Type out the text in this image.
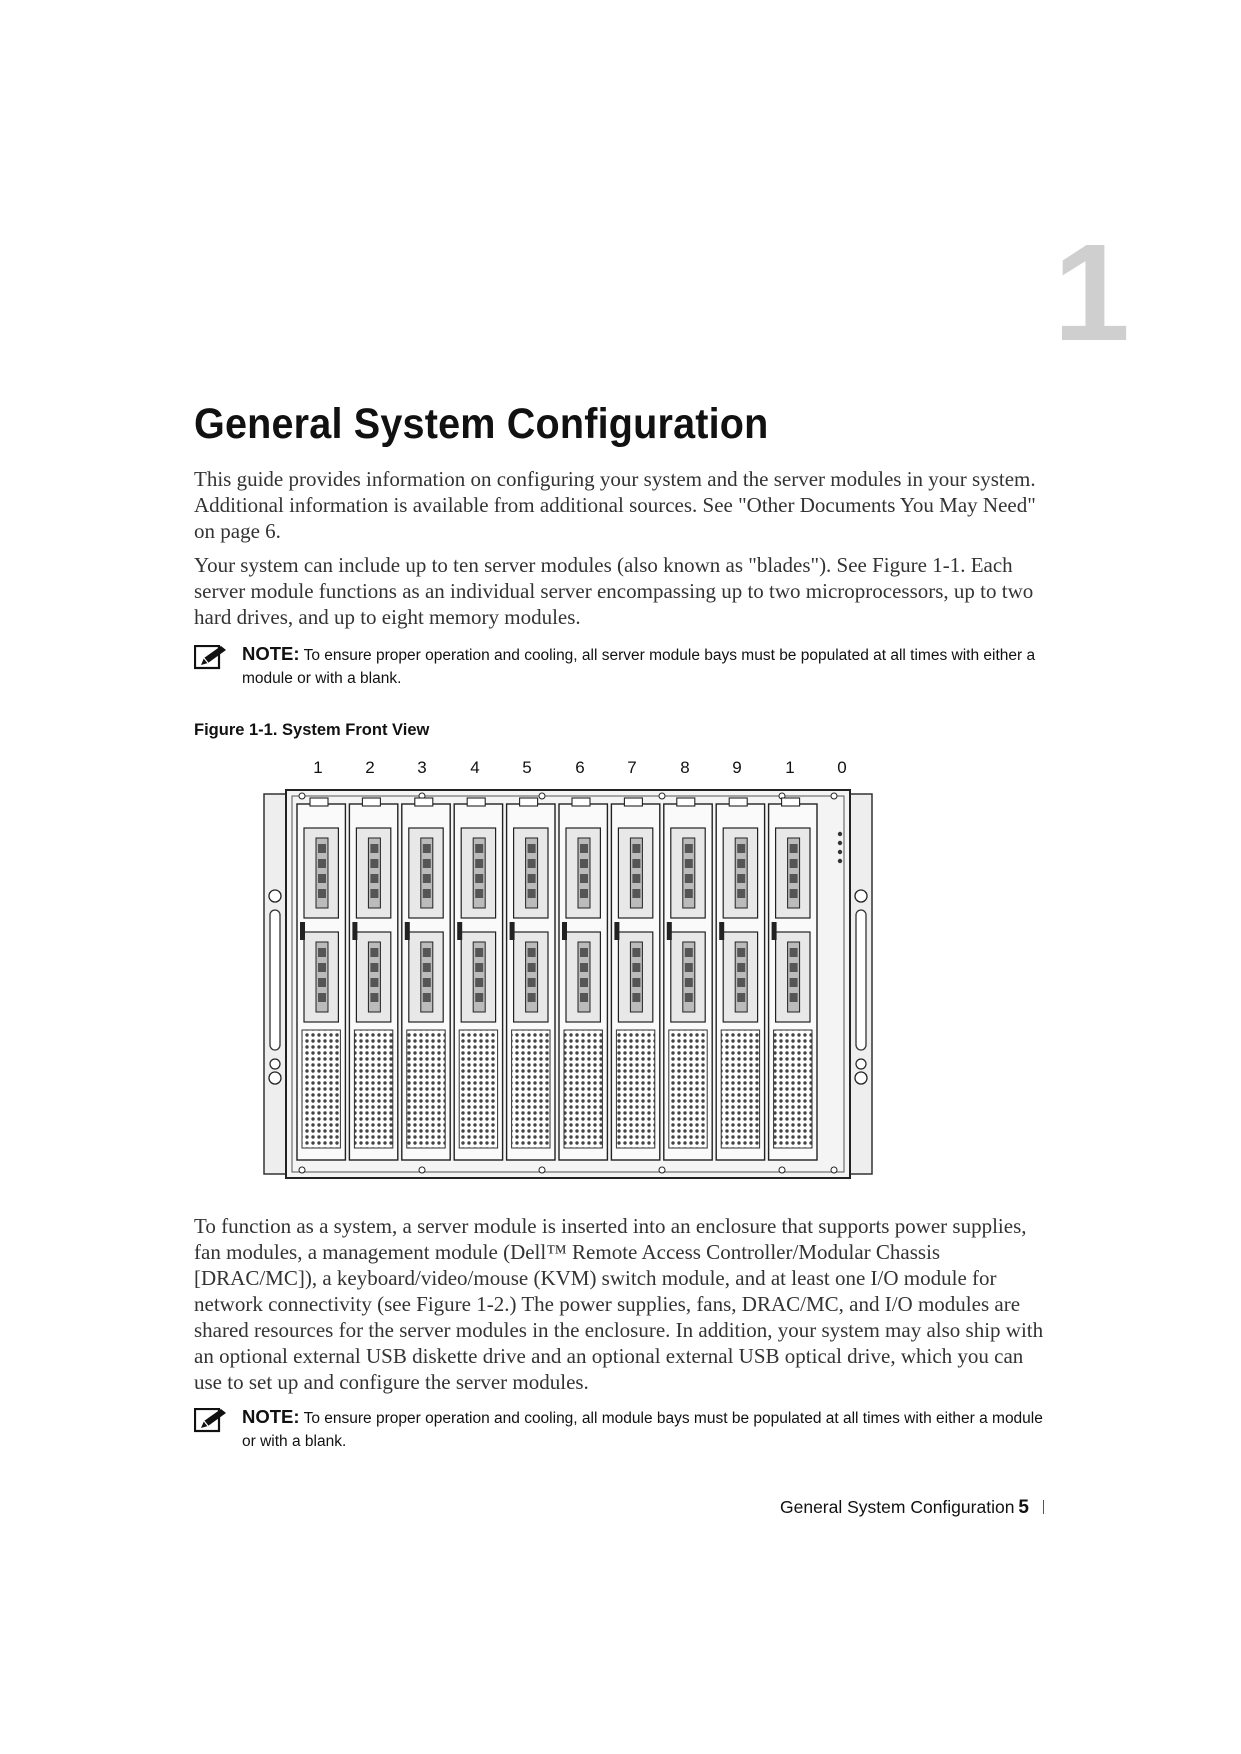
1
General System Configuration

This guide provides information on configuring your system and the server modules in your system. Additional information is available from additional sources. See "Other Documents You May Need" on page 6.

Your system can include up to ten server modules (also known as "blades"). See Figure 1-1. Each server module functions as an individual server encompassing up to two microprocessors, up to two hard drives, and up to eight memory modules.

NOTE: To ensure proper operation and cooling, all server module bays must be populated at all times with either a module or with a blank.
Figure 1-1. System Front View
1	2	3	4	5	6	7	8	9	1	0

To function as a system, a server module is inserted into an enclosure that supports power supplies, fan modules, a management module (Dell™ Remote Access Controller/Modular Chassis [DRAC/MC]), a keyboard/video/mouse (KVM) switch module, and at least one I/O module for network connectivity (see Figure 1-2.) The power supplies, fans, DRAC/MC, and I/O modules are shared resources for the server modules in the enclosure. In addition, your system may also ship with an optional external USB diskette drive and an optional external USB optical drive, which you can use to set up and configure the server modules.

NOTE: To ensure proper operation and cooling, all module bays must be populated at all times with either a module or with a blank.
General System Configuration 5
